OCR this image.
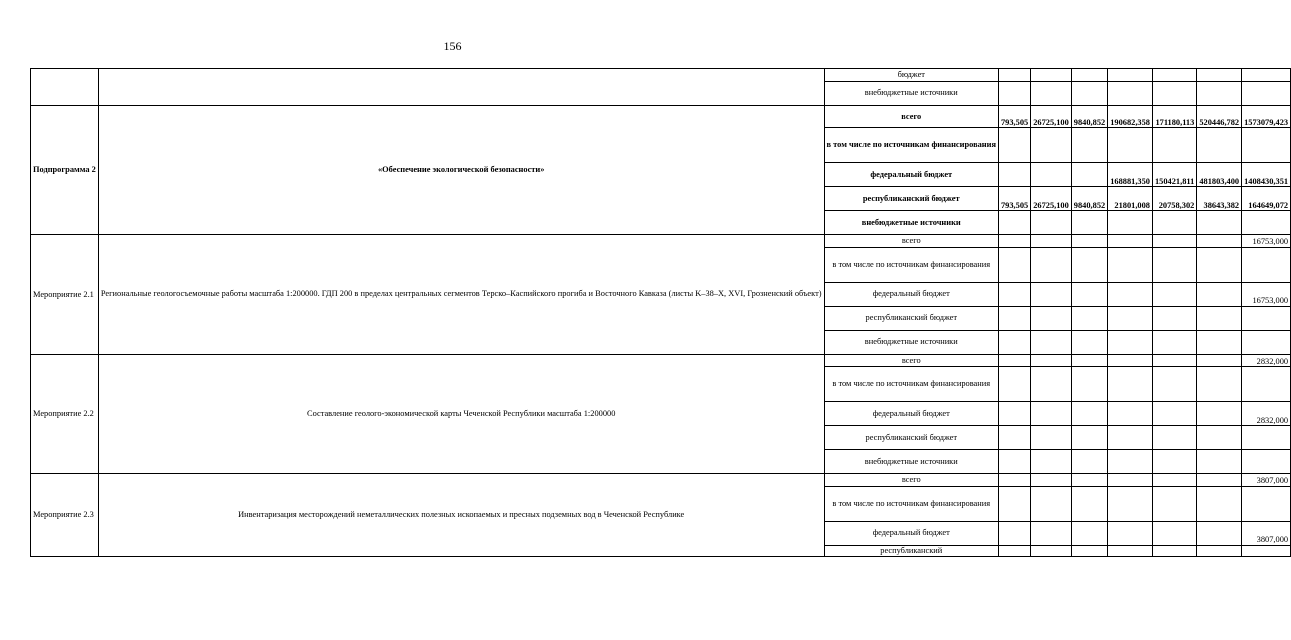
156
		бюджет							
		внебюджетные источники							
Подпрограмма 2	«Обеспечение экологической безопасности»	всего	793,505	26725,100	9840,852	190682,358	171180,113	520446,782	1573079,423
		в том числе по источникам финансирования							
		федеральный бюджет				168881,350	150421,811	481803,400	1408430,351
		республиканский бюджет	793,505	26725,100	9840,852	21801,008	20758,302	38643,382	164649,072
		внебюджетные источники							
Мероприятие 2.1	Региональные геологосъемочные работы масштаба 1:200000. ГДП 200 в пределах центральных сегментов Терско–Каспийского прогиба и Восточного Кавказа (листы K–38–X, XVI, Грозненский объект)	всего							16753,000
		в том числе по источникам финансирования							
		федеральный бюджет							16753,000
		республиканский бюджет							
		внебюджетные источники							
Мероприятие 2.2	Составление геолого-экономической карты Чеченской Республики масштаба 1:200000	всего							2832,000
		в том числе по источникам финансирования							
		федеральный бюджет							2832,000
		республиканский бюджет							
		внебюджетные источники							
Мероприятие 2.3	Инвентаризация месторождений неметаллических полезных ископаемых и пресных подземных вод в Чеченской Республике	всего							3807,000
		в том числе по источникам финансирования							
		федеральный бюджет							3807,000
		республиканский							
